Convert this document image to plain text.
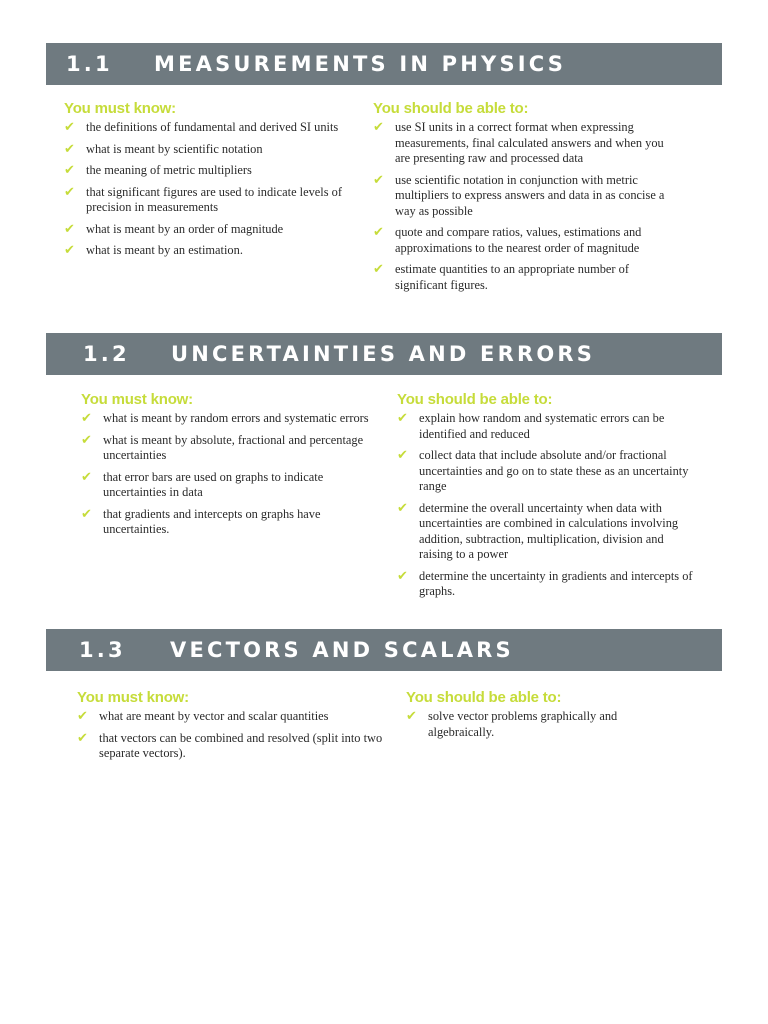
1.1 MEASUREMENTS IN PHYSICS
You must know:
✔ the definitions of fundamental and derived SI units
✔ what is meant by scientific notation
✔ the meaning of metric multipliers
✔ that significant figures are used to indicate levels of precision in measurements
✔ what is meant by an order of magnitude
✔ what is meant by an estimation.
You should be able to:
✔ use SI units in a correct format when expressing measurements, final calculated answers and when you are presenting raw and processed data
✔ use scientific notation in conjunction with metric multipliers to express answers and data in as concise a way as possible
✔ quote and compare ratios, values, estimations and approximations to the nearest order of magnitude
✔ estimate quantities to an appropriate number of significant figures.
1.2 UNCERTAINTIES AND ERRORS
You must know:
✔ what is meant by random errors and systematic errors
✔ what is meant by absolute, fractional and percentage uncertainties
✔ that error bars are used on graphs to indicate uncertainties in data
✔ that gradients and intercepts on graphs have uncertainties.
You should be able to:
✔ explain how random and systematic errors can be identified and reduced
✔ collect data that include absolute and/or fractional uncertainties and go on to state these as an uncertainty range
✔ determine the overall uncertainty when data with uncertainties are combined in calculations involving addition, subtraction, multiplication, division and raising to a power
✔ determine the uncertainty in gradients and intercepts of graphs.
1.3 VECTORS AND SCALARS
You must know:
✔ what are meant by vector and scalar quantities
✔ that vectors can be combined and resolved (split into two separate vectors).
You should be able to:
✔ solve vector problems graphically and algebraically.
